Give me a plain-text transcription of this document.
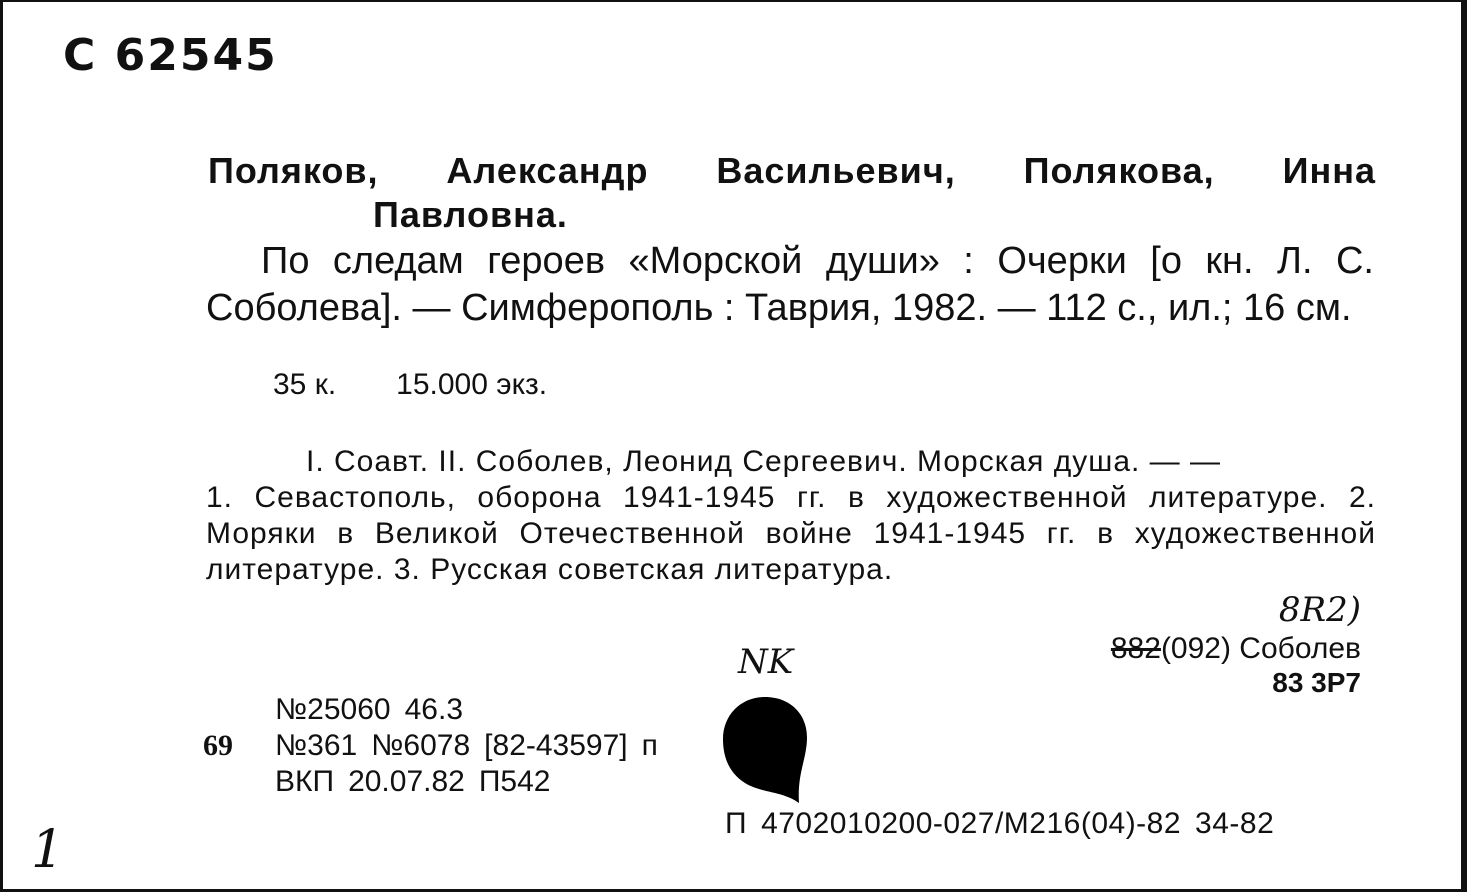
С 62545
Поляков, Александр Васильевич, Полякова, Инна
Павловна.
По следам героев «Морской души» : Очерки [о кн. Л. С. Соболева]. — Симферополь : Таврия, 1982. — 112 с., ил.; 16 см.
35 к. 15.000 экз.
I. Соавт. II. Соболев, Леонид Сергеевич. Морская душа. — —
1. Севастополь, оборона 1941-1945 гг. в художественной литературе. 2. Моряки в Великой Отечественной войне 1941-1945 гг. в художественной литературе. 3. Русская советская литература.
8R2)
882(092) Соболев
83 3Р7
NK
№25060 46.3
69	№361 №6078 [82-43597] п
ВКП 20.07.82 П542
П 4702010200-027/М216(04)-82 34-82
1
